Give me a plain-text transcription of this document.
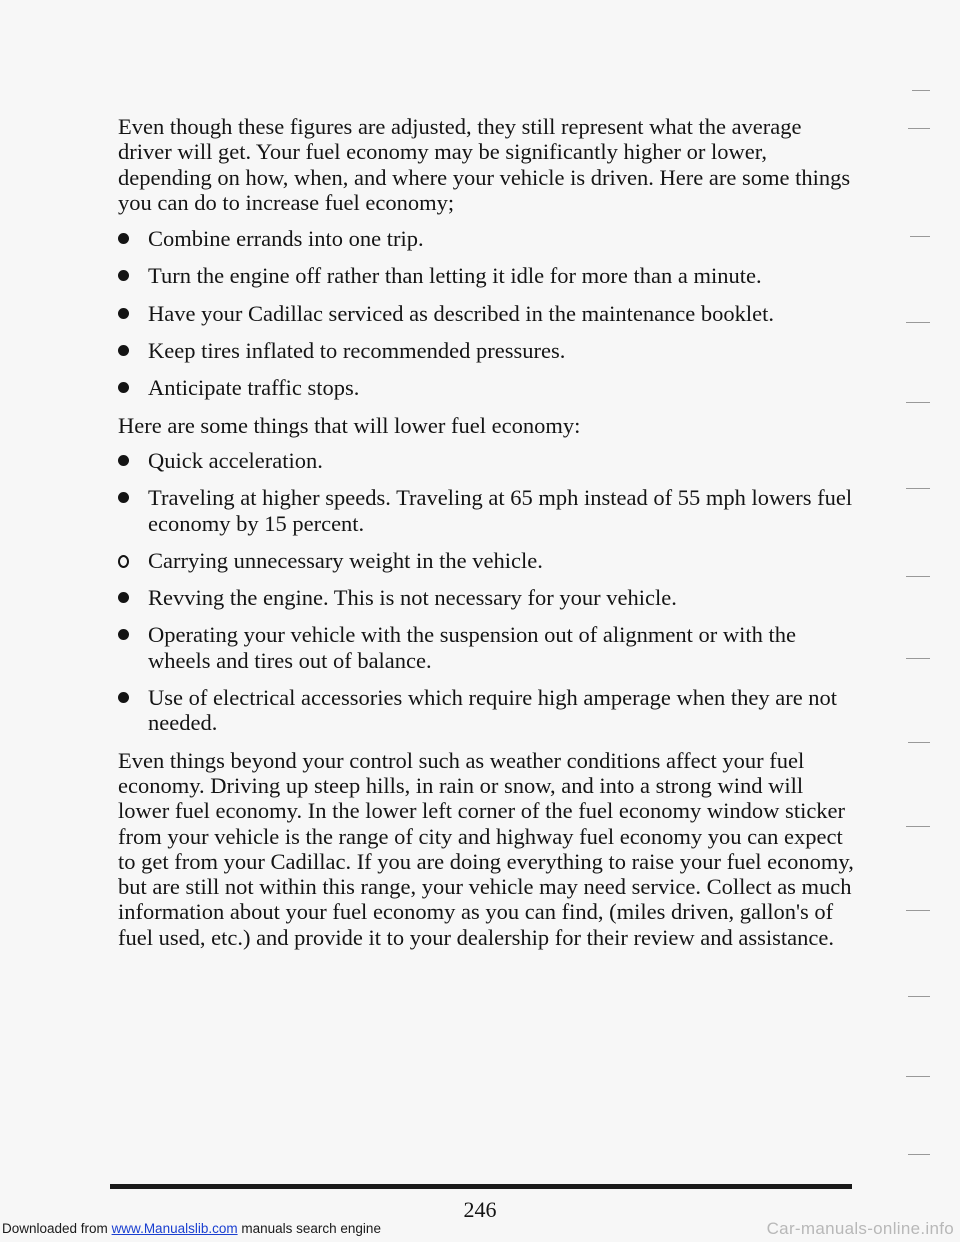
Even though these figures are adjusted, they still represent what the average driver will get. Your fuel economy may be significantly higher or lower, depending on how, when, and where your vehicle is driven. Here are some things you can do to increase fuel economy;

Combine errands into one trip.
Turn the engine off rather than letting it idle for more than a minute.
Have your Cadillac serviced as described in the maintenance booklet.
Keep tires inflated to recommended pressures.
Anticipate traffic stops.

Here are some things that will lower fuel economy:

Quick acceleration.
Traveling at higher speeds. Traveling at 65 mph instead of 55 mph lowers fuel economy by 15 percent.
Carrying unnecessary weight in the vehicle.
Revving the engine. This is not necessary for your vehicle.
Operating your vehicle with the suspension out of alignment or with the wheels and tires out of balance.
Use of electrical accessories which require high amperage when they are not needed.

Even things beyond your control such as weather conditions affect your fuel economy. Driving up steep hills, in rain or snow, and into a strong wind will lower fuel economy. In the lower left corner of the fuel economy window sticker from your vehicle is the range of city and highway fuel economy you can expect to get from your Cadillac. If you are doing everything to raise your fuel economy, but are still not within this range, your vehicle may need service. Collect as much information about your fuel economy as you can find, (miles driven, gallon's of fuel used, etc.) and provide it to your dealership for their review and assistance.

246
Downloaded from www.Manualslib.com manuals search engine	Car-manuals-online.info
